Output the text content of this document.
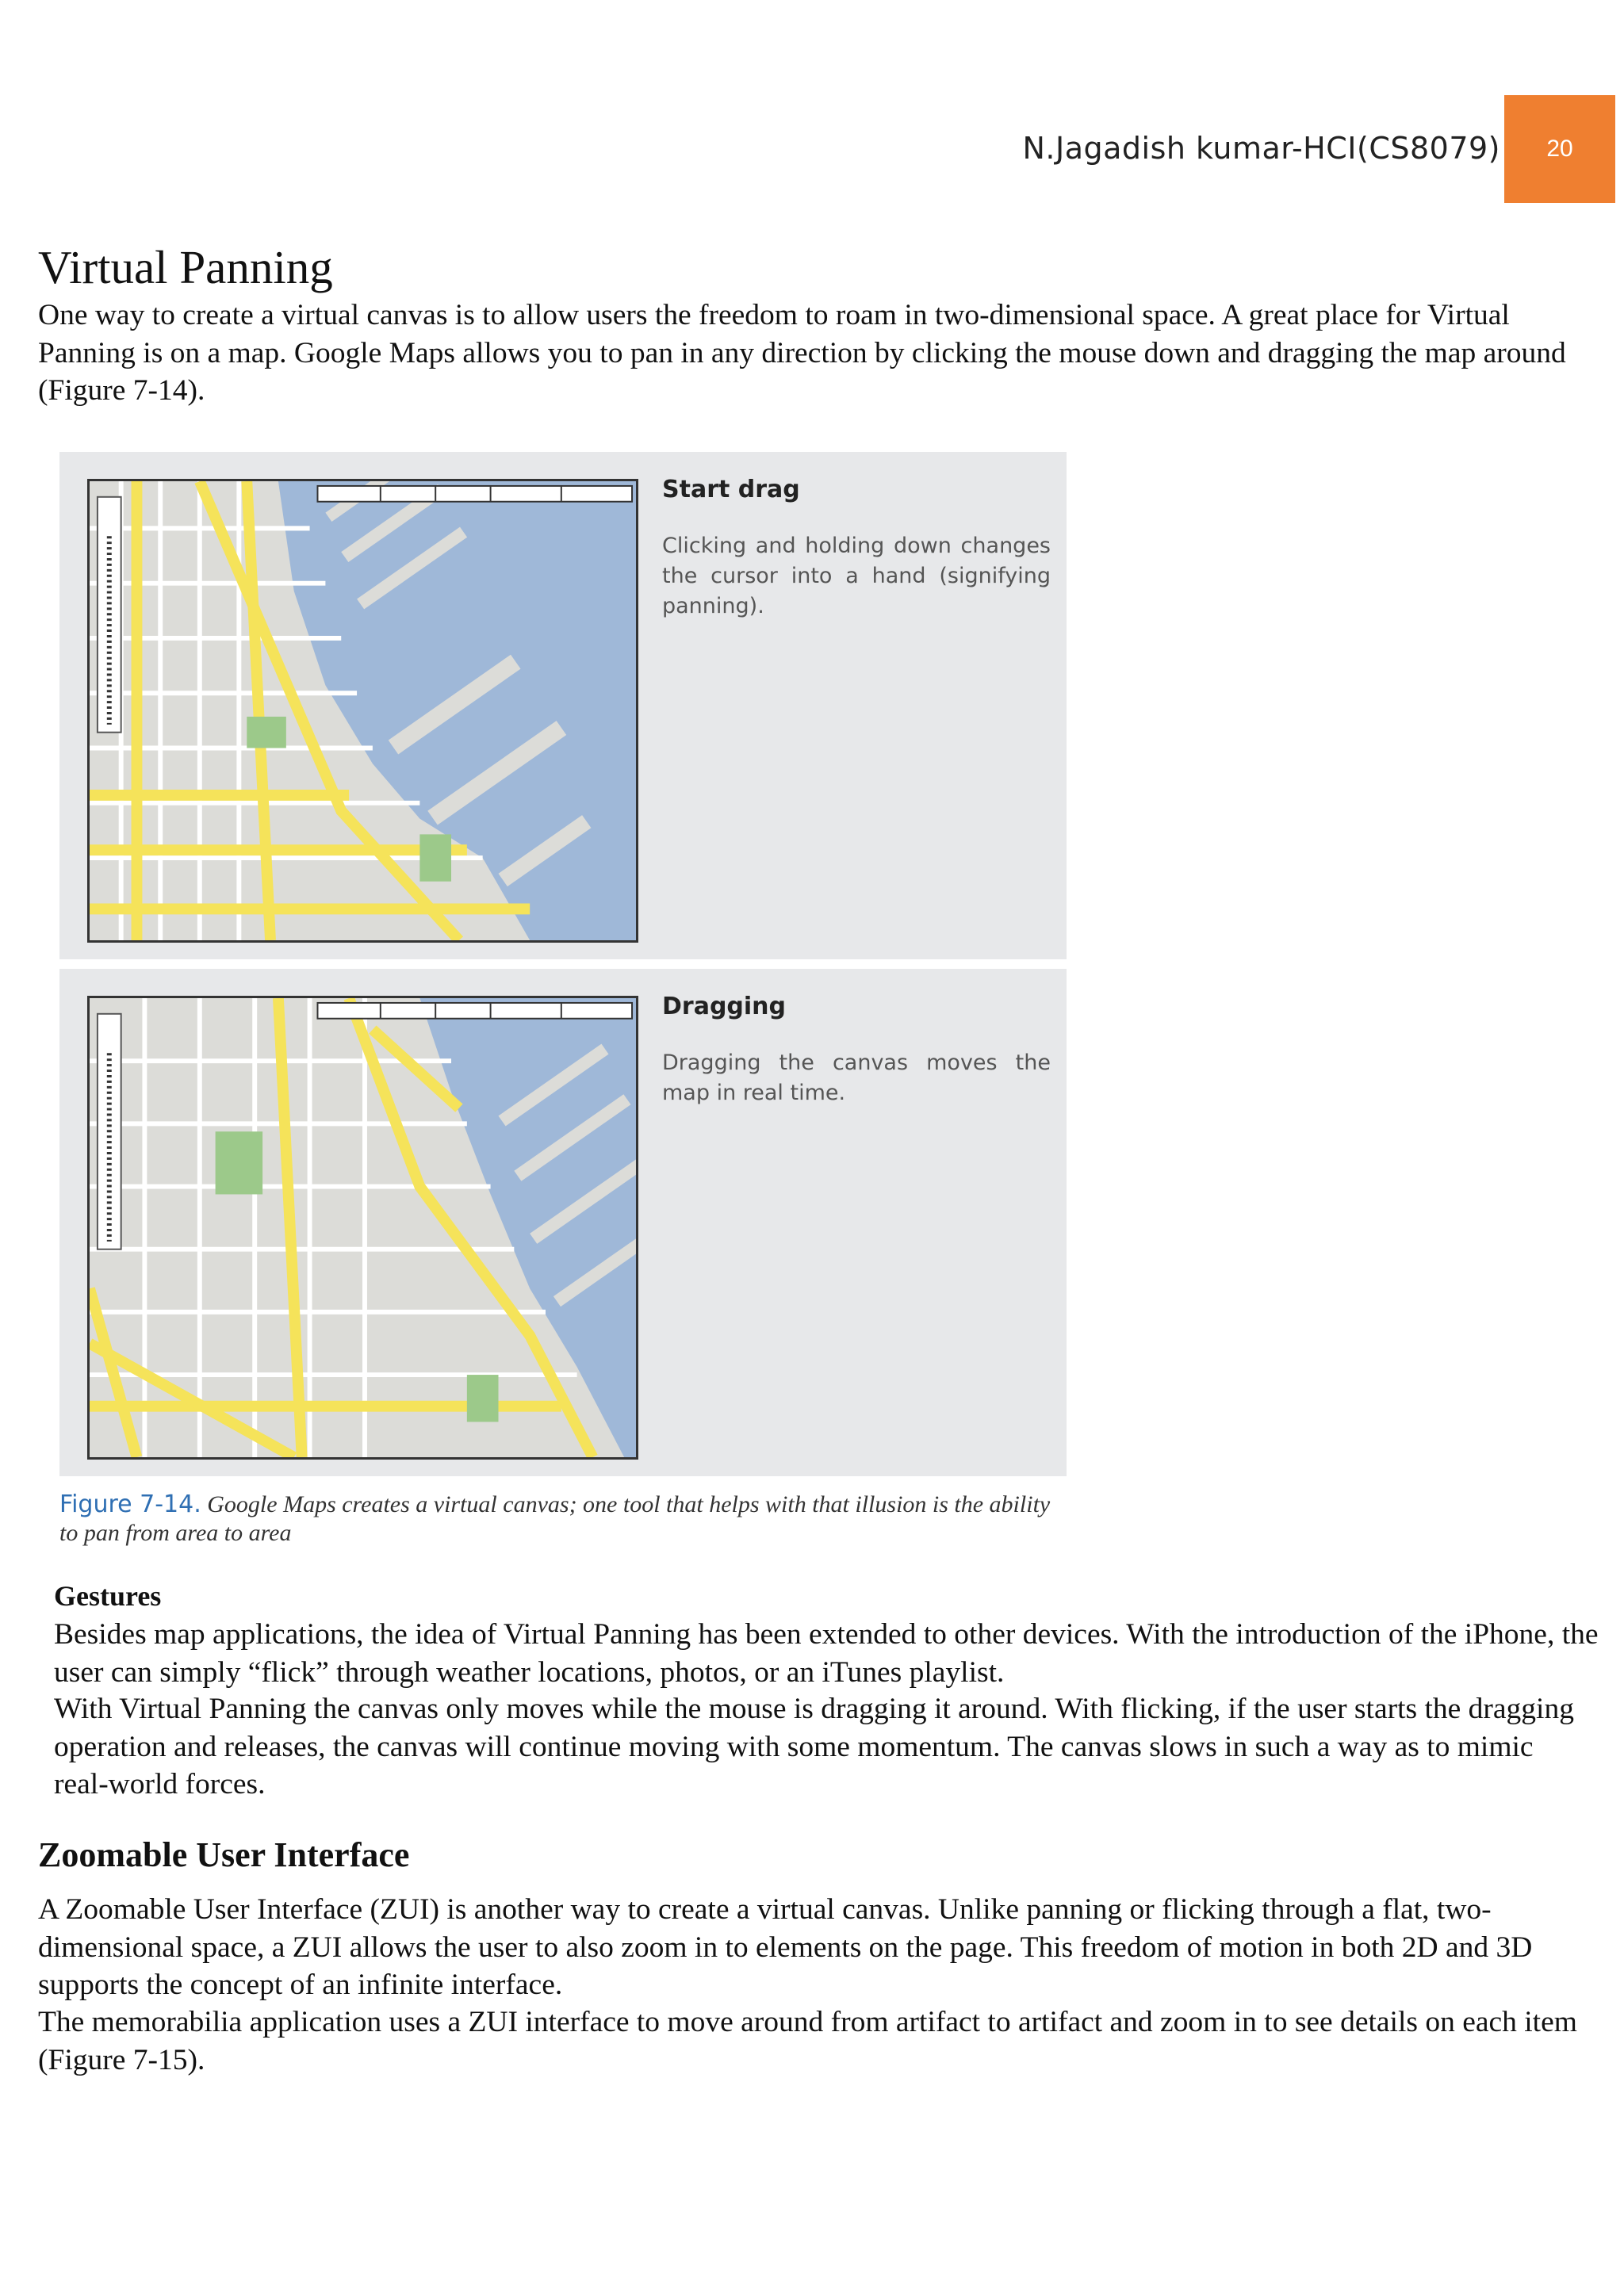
N.Jagadish kumar-HCI(CS8079)	20
Virtual Panning

One way to create a virtual canvas is to allow users the freedom to roam in two-dimensional space. A great place for Virtual Panning is on a map. Google Maps allows you to pan in any direction by clicking the mouse down and dragging the map around (Figure 7-14).

Start drag
Clicking and holding down changes the cursor into a hand (signifying panning).
Dragging
Dragging the canvas moves the map in real time.
Figure 7-14. Google Maps creates a virtual canvas; one tool that helps with that illusion is the ability to pan from area to area
Gestures

Besides map applications, the idea of Virtual Panning has been extended to other devices. With the introduction of the iPhone, the user can simply “flick” through weather locations, photos, or an iTunes playlist.

With Virtual Panning the canvas only moves while the mouse is dragging it around. With flicking, if the user starts the dragging operation and releases, the canvas will continue moving with some momentum. The canvas slows in such a way as to mimic real-world forces.

Zoomable User Interface

A Zoomable User Interface (ZUI) is another way to create a virtual canvas. Unlike panning or flicking through a flat, two-dimensional space, a ZUI allows the user to also zoom in to elements on the page. This freedom of motion in both 2D and 3D supports the concept of an infinite interface.

The memorabilia application uses a ZUI interface to move around from artifact to artifact and zoom in to see details on each item (Figure 7-15).
